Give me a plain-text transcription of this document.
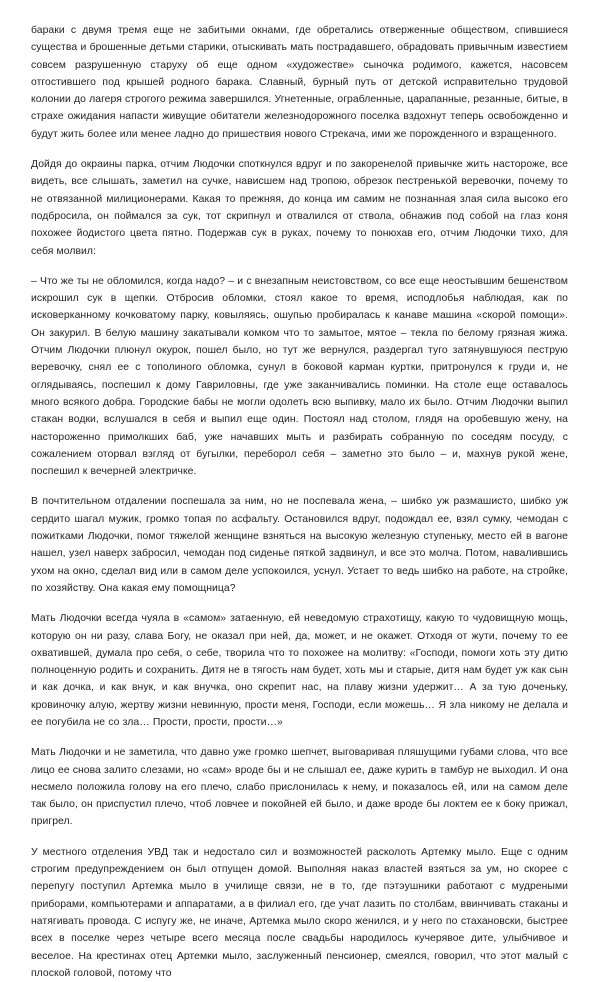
бараки с двумя тремя еще не забитыми окнами, где обретались отверженные обществом, спившиеся существа и брошенные детьми старики, отыскивать мать пострадавшего, обрадовать привычным известием совсем разрушенную старуху об еще одном «художестве» сыночка родимого, кажется, насовсем отгостившего под крышей родного барака. Славный, бурный путь от детской исправительно трудовой колонии до лагеря строгого режима завершился. Угнетенные, ограбленные, царапанные, резанные, битые, в страхе ожидания напасти живущие обитатели железнодорожного поселка вздохнут теперь освобожденно и будут жить более или менее ладно до пришествия нового Стрекача, ими же порожденного и взращенного.

Дойдя до окраины парка, отчим Людочки споткнулся вдруг и по закоренелой привычке жить настороже, все видеть, все слышать, заметил на сучке, нависшем над тропою, обрезок пестренькой веревочки, почему то не отвязанной милиционерами. Какая то прежняя, до конца им самим не познанная злая сила высоко его подбросила, он поймался за сук, тот скрипнул и отвалился от ствола, обнажив под собой на глаз коня похожее йодистого цвета пятно. Подержав сук в руках, почему то понюхав его, отчим Людочки тихо, для себя молвил:

– Что же ты не обломился, когда надо? – и с внезапным неистовством, со все еще неостывшим бешенством искрошил сук в щепки. Отбросив обломки, стоял какое то время, исподлобья наблюдая, как по исковерканному кочковатому парку, ковыляясь, ошупью пробиралась к канаве машина «скорой помощи». Он закурил. В белую машину закатывали комком что то замытое, мятое – текла по белому грязная жижа. Отчим Людочки плюнул окурок, пошел было, но тут же вернулся, раздергал туго затянувшуюся пеструю веревочку, снял ее с тополиного обломка, сунул в боковой карман куртки, притронулся к груди и, не оглядываясь, поспешил к дому Гавриловны, где уже заканчивались поминки. На столе еще оставалось много всякого добра. Городские бабы не могли одолеть всю выпивку, мало их было. Отчим Людочки выпил стакан водки, вслушался в себя и выпил еще один. Постоял над столом, глядя на оробевшую жену, на настороженно примолкших баб, уже начавших мыть и разбирать собранную по соседям посуду, с сожалением оторвал взгляд от бугылки, переборол себя – заметно это было – и, махнув рукой жене, поспешил к вечерней электричке.

В почтительном отдалении поспешала за ним, но не поспевала жена, – шибко уж размашисто, шибко уж сердито шагал мужик, громко топая по асфальту. Остановился вдруг, подождал ее, взял сумку, чемодан с пожитками Людочки, помог тяжелой женщине взняться на высокую железную ступеньку, место ей в вагоне нашел, узел наверх забросил, чемодан под сиденье пяткой задвинул, и все это молча. Потом, навалившись ухом на окно, сделал вид или в самом деле успокоился, уснул. Устает то ведь шибко на работе, на стройке, по хозяйству. Она какая ему помощница?

Мать Людочки всегда чуяла в «самом» затаенную, ей неведомую страхотищу, какую то чудовищную мощь, которую он ни разу, слава Богу, не оказал при ней, да, может, и не окажет. Отходя от жути, почему то ее охватившей, думала про себя, о себе, творила что то похожее на молитву: «Господи, помоги хоть эту дитю полноценную родить и сохранить. Дитя не в тягость нам будет, хоть мы и старые, дитя нам будет уж как сын и как дочка, и как внук, и как внучка, оно скрепит нас, на плаву жизни удержит… А за тую доченьку, кровиночку алую, жертву жизни невинную, прости меня, Господи, если можешь… Я зла никому не делала и ее погубила не со зла… Прости, прости, прости…»

Мать Людочки и не заметила, что давно уже громко шепчет, выговаривая пляшущими губами слова, что все лицо ее снова залито слезами, но «сам» вроде бы и не слышал ее, даже курить в тамбур не выходил. И она несмело положила голову на его плечо, слабо прислонилась к нему, и показалось ей, или на самом деле так было, он приспустил плечо, чтоб ловчее и покойней ей было, и даже вроде бы локтем ее к боку прижал, пригрел.

У местного отделения УВД так и недостало сил и возможностей расколоть Артемку мыло. Еще с одним строгим предупреждением он был отпущен домой. Выполняя наказ властей взяться за ум, но скорее с перепугу поступил Артемка мыло в училище связи, не в то, где пэтэушники работают с мудреными приборами, компьютерами и аппаратами, а в филиал его, где учат лазить по столбам, ввинчивать стаканы и натягивать провода. С испугу же, не иначе, Артемка мыло скоро женился, и у него по стахановски, быстрее всех в поселке через четыре всего месяца после свадьбы народилось кучерявое дите, улыбчивое и веселое. На крестинах отец Артемки мыло, заслуженный пенсионер, смеялся, говорил, что этот малый с плоской головой, потому что
